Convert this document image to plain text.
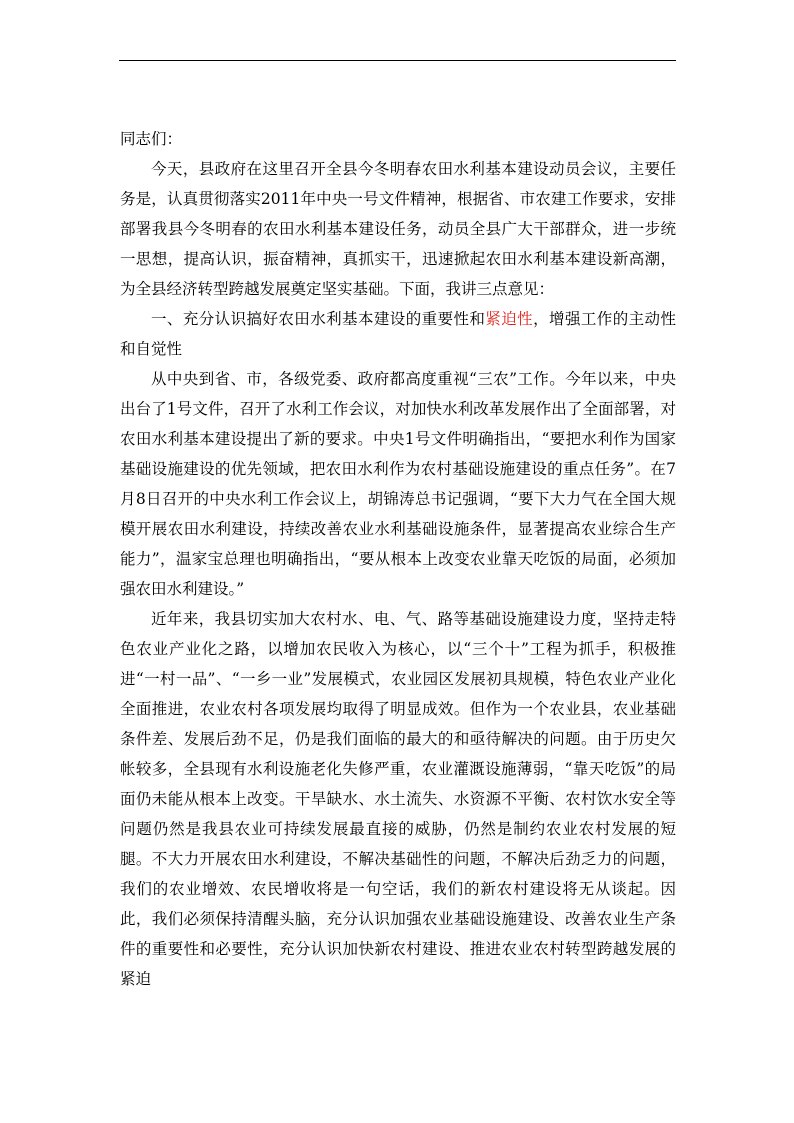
同志们：

今天，县政府在这里召开全县今冬明春农田水利基本建设动员会议，主要任务是，认真贯彻落实2011年中央一号文件精神，根据省、市农建工作要求，安排部署我县今冬明春的农田水利基本建设任务，动员全县广大干部群众，进一步统一思想，提高认识，振奋精神，真抓实干，迅速掀起农田水利基本建设新高潮，为全县经济转型跨越发展奠定坚实基础。下面，我讲三点意见：

一、充分认识搞好农田水利基本建设的重要性和紧迫性，增强工作的主动性和自觉性

从中央到省、市，各级党委、政府都高度重视“三农”工作。今年以来，中央出台了1号文件，召开了水利工作会议，对加快水利改革发展作出了全面部署，对农田水利基本建设提出了新的要求。中央1号文件明确指出，“要把水利作为国家基础设施建设的优先领域，把农田水利作为农村基础设施建设的重点任务”。在7月8日召开的中央水利工作会议上，胡锦涛总书记强调，“要下大力气在全国大规模开展农田水利建设，持续改善农业水利基础设施条件，显著提高农业综合生产能力”，温家宝总理也明确指出，“要从根本上改变农业靠天吃饭的局面，必须加强农田水利建设。”

近年来，我县切实加大农村水、电、气、路等基础设施建设力度，坚持走特色农业产业化之路，以增加农民收入为核心，以“三个十”工程为抓手，积极推进“一村一品”、“一乡一业”发展模式，农业园区发展初具规模，特色农业产业化全面推进，农业农村各项发展均取得了明显成效。但作为一个农业县，农业基础条件差、发展后劲不足，仍是我们面临的最大的和亟待解决的问题。由于历史欠帐较多，全县现有水利设施老化失修严重，农业灌溉设施薄弱，“靠天吃饭”的局面仍未能从根本上改变。干旱缺水、水土流失、水资源不平衡、农村饮水安全等问题仍然是我县农业可持续发展最直接的威胁，仍然是制约农业农村发展的短腿。不大力开展农田水利建设，不解决基础性的问题，不解决后劲乏力的问题，我们的农业增效、农民增收将是一句空话，我们的新农村建设将无从谈起。因此，我们必须保持清醒头脑，充分认识加强农业基础设施建设、改善农业生产条件的重要性和必要性，充分认识加快新农村建设、推进农业农村转型跨越发展的紧迫
